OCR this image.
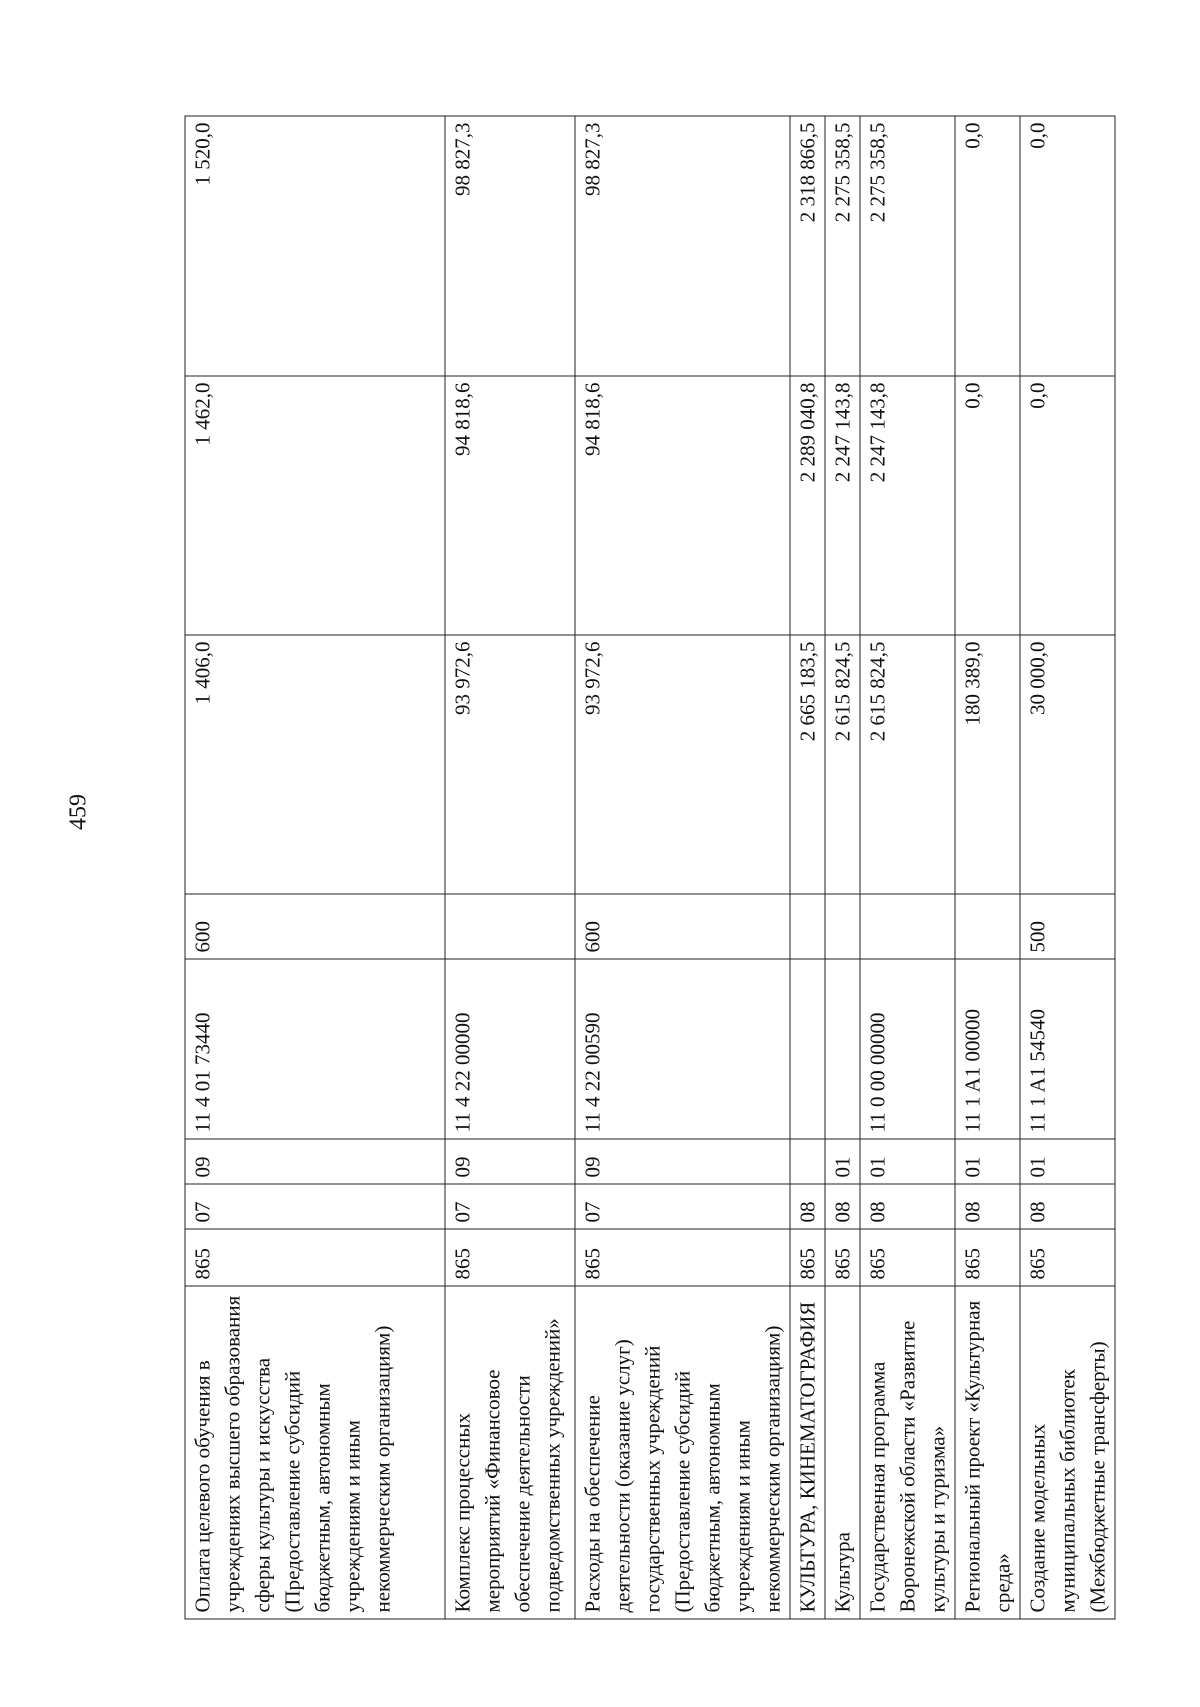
459
Оплата целевого обучения в учреждениях высшего образования сферы культуры и искусства (Предоставление субсидий бюджетным, автономным учреждениям и иным некоммерческим организациям)	865	07	09	11 4 01 73440	600	1 406,0	1 462,0	1 520,0
Комплекс процессных мероприятий «Финансовое обеспечение деятельности подведомственных учреждений»	865	07	09	11 4 22 00000		93 972,6	94 818,6	98 827,3
Расходы на обеспечение деятельности (оказание услуг) государственных учреждений (Предоставление субсидий бюджетным, автономным учреждениям и иным некоммерческим организациям)	865	07	09	11 4 22 00590	600	93 972,6	94 818,6	98 827,3
КУЛЬТУРА, КИНЕМАТОГРАФИЯ	865	08				2 665 183,5	2 289 040,8	2 318 866,5
Культура	865	08	01			2 615 824,5	2 247 143,8	2 275 358,5
Государственная программа Воронежской области «Развитие культуры и туризма»	865	08	01	11 0 00 00000		2 615 824,5	2 247 143,8	2 275 358,5
Региональный проект «Культурная среда»	865	08	01	11 1 A1 00000		180 389,0	0,0	0,0
Создание модельных муниципальных библиотек (Межбюджетные трансферты)	865	08	01	11 1 A1 54540	500	30 000,0	0,0	0,0
